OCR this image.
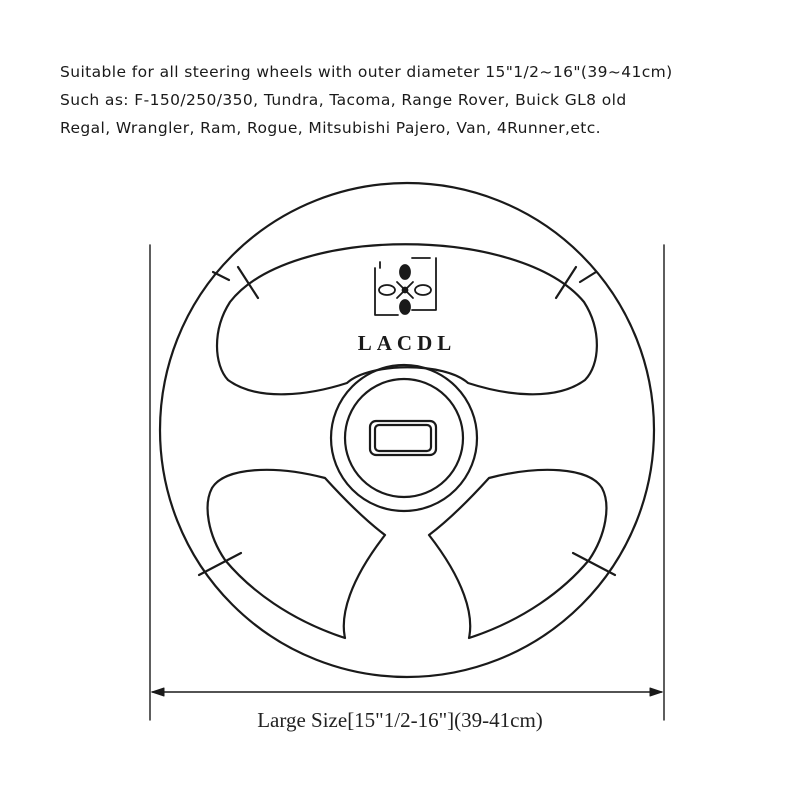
Suitable for all steering wheels with outer diameter 15"1/2~16"(39~41cm)
Such as: F-150/250/350, Tundra, Tacoma, Range Rover, Buick GL8 old
Regal, Wrangler, Ram, Rogue, Mitsubishi Pajero, Van, 4Runner,etc.
LACDL
Large Size[15"1/2-16"](39-41cm)
